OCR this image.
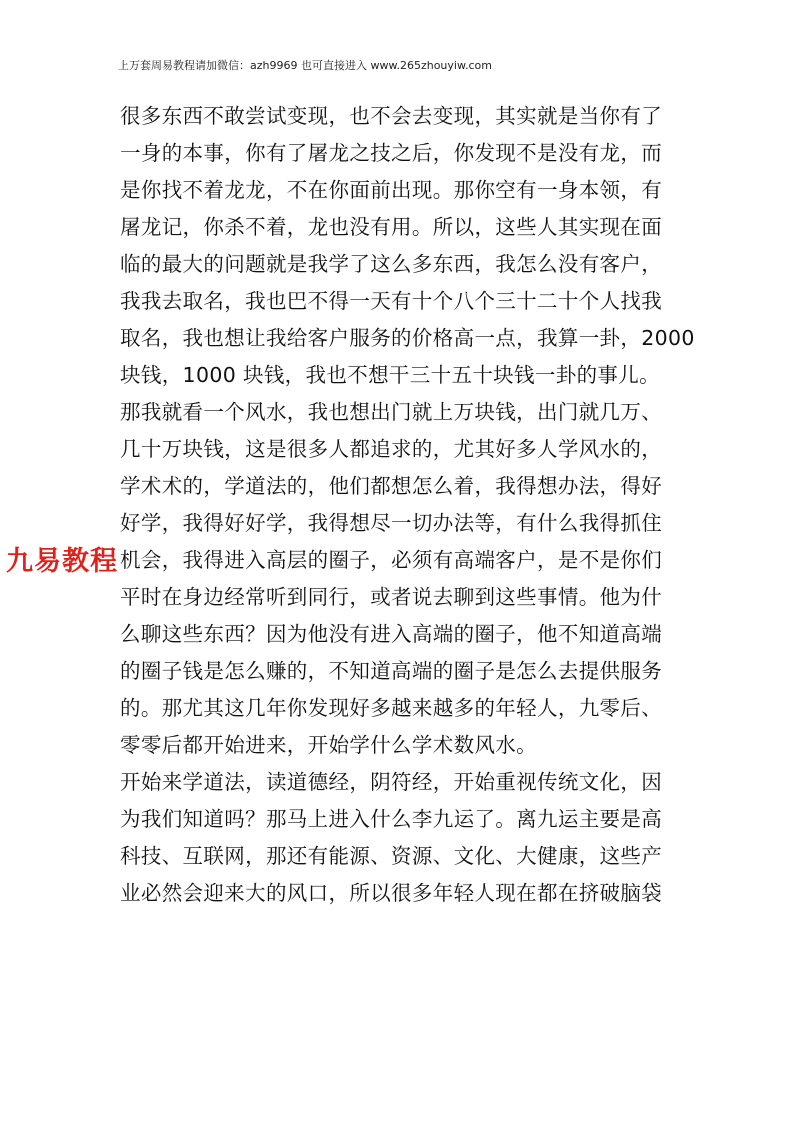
上万套周易教程请加微信：azh9969 也可直接进入 www.265zhouyiw.com
很多东西不敢尝试变现，也不会去变现，其实就是当你有了
一身的本事，你有了屠龙之技之后，你发现不是没有龙，而
是你找不着龙龙，不在你面前出现。那你空有一身本领，有
屠龙记，你杀不着，龙也没有用。所以，这些人其实现在面
临的最大的问题就是我学了这么多东西，我怎么没有客户，
我我去取名，我也巴不得一天有十个八个三十二十个人找我
取名，我也想让我给客户服务的价格高一点，我算一卦，2000
块钱，1000 块钱，我也不想干三十五十块钱一卦的事儿。
那我就看一个风水，我也想出门就上万块钱，出门就几万、
几十万块钱，这是很多人都追求的，尤其好多人学风水的，
学术术的，学道法的，他们都想怎么着，我得想办法，得好
好学，我得好好学，我得想尽一切办法等，有什么我得抓住
机会，我得进入高层的圈子，必须有高端客户，是不是你们
平时在身边经常听到同行，或者说去聊到这些事情。他为什
么聊这些东西？因为他没有进入高端的圈子，他不知道高端
的圈子钱是怎么赚的，不知道高端的圈子是怎么去提供服务
的。那尤其这几年你发现好多越来越多的年轻人，九零后、
零零后都开始进来，开始学什么学术数风水。
开始来学道法，读道德经，阴符经，开始重视传统文化，因
为我们知道吗？那马上进入什么李九运了。离九运主要是高
科技、互联网，那还有能源、资源、文化、大健康，这些产
业必然会迎来大的风口，所以很多年轻人现在都在挤破脑袋
九易教程
